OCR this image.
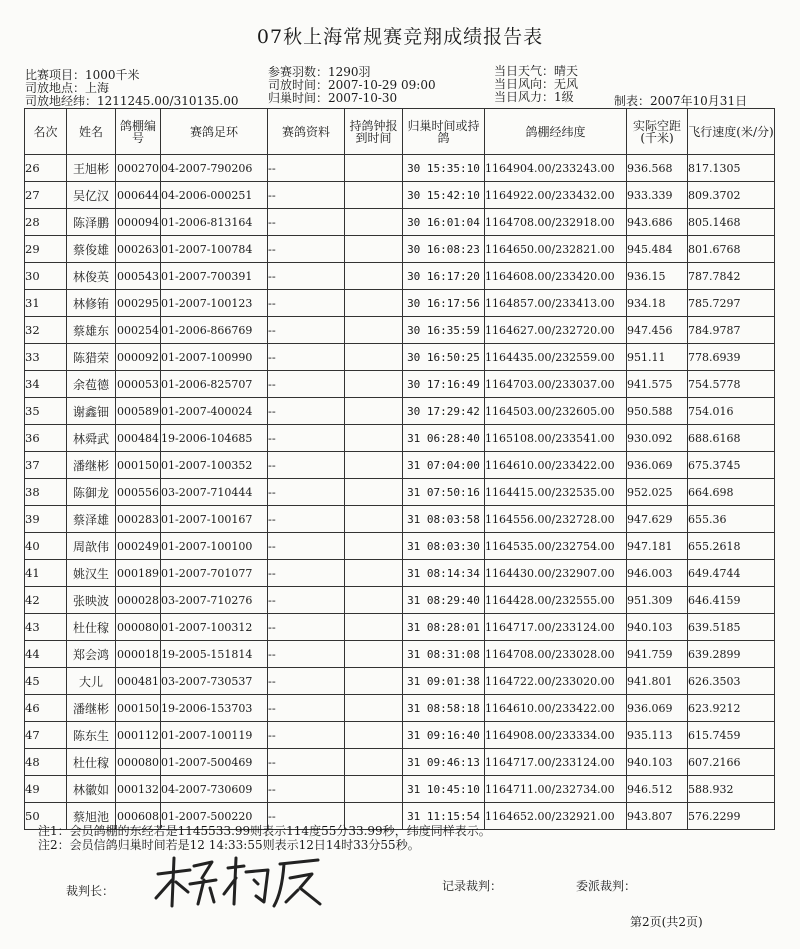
07秋上海常规赛竞翔成绩报告表
比赛项目：1000千米
司放地点：上海
司放地经纬：1211245.00/310135.00
参赛羽数：1290羽
司放时间：2007-10-29 09:00
归巢时间：2007-10-30
当日天气：晴天
当日风向：无风
当日风力：1级	制表：2007年10月31日
名次	姓名	鸽棚编号	赛鸽足环	赛鸽资料	持鸽钟报到时间	归巢时间或持鸽	鸽棚经纬度	实际空距(千米)	飞行速度(米/分)
26	王旭彬	000270	04-2007-790206	--		30 15:35:10	1164904.00/233243.00	936.568	817.1305
27	吴亿汉	000644	04-2006-000251	--		30 15:42:10	1164922.00/233432.00	933.339	809.3702
28	陈泽鹏	000094	01-2006-813164	--		30 16:01:04	1164708.00/232918.00	943.686	805.1468
29	蔡俊雄	000263	01-2007-100784	--		30 16:08:23	1164650.00/232821.00	945.484	801.6768
30	林俊英	000543	01-2007-700391	--		30 16:17:20	1164608.00/233420.00	936.15	787.7842
31	林修铕	000295	01-2007-100123	--		30 16:17:56	1164857.00/233413.00	934.18	785.7297
32	蔡雄东	000254	01-2006-866769	--		30 16:35:59	1164627.00/232720.00	947.456	784.9787
33	陈猎荣	000092	01-2007-100990	--		30 16:50:25	1164435.00/232559.00	951.11	778.6939
34	余苞德	000053	01-2006-825707	--		30 17:16:49	1164703.00/233037.00	941.575	754.5778
35	谢鑫钿	000589	01-2007-400024	--		30 17:29:42	1164503.00/232605.00	950.588	754.016
36	林舜武	000484	19-2006-104685	--		31 06:28:40	1165108.00/233541.00	930.092	688.6168
37	潘继彬	000150	01-2007-100352	--		31 07:04:00	1164610.00/233422.00	936.069	675.3745
38	陈御龙	000556	03-2007-710444	--		31 07:50:16	1164415.00/232535.00	952.025	664.698
39	蔡泽雄	000283	01-2007-100167	--		31 08:03:58	1164556.00/232728.00	947.629	655.36
40	周歆伟	000249	01-2007-100100	--		31 08:03:30	1164535.00/232754.00	947.181	655.2618
41	姚汉生	000189	01-2007-701077	--		31 08:14:34	1164430.00/232907.00	946.003	649.4744
42	张映波	000028	03-2007-710276	--		31 08:29:40	1164428.00/232555.00	951.309	646.4159
43	杜仕稼	000080	01-2007-100312	--		31 08:28:01	1164717.00/233124.00	940.103	639.5185
44	郑会鸿	000018	19-2005-151814	--		31 08:31:08	1164708.00/233028.00	941.759	639.2899
45	大儿	000481	03-2007-730537	--		31 09:01:38	1164722.00/233020.00	941.801	626.3503
46	潘继彬	000150	19-2006-153703	--		31 08:58:18	1164610.00/233422.00	936.069	623.9212
47	陈东生	000112	01-2007-100119	--		31 09:16:40	1164908.00/233334.00	935.113	615.7459
48	杜仕稼	000080	01-2007-500469	--		31 09:46:13	1164717.00/233124.00	940.103	607.2166
49	林徽如	000132	04-2007-730609	--		31 10:45:10	1164711.00/232734.00	946.512	588.932
50	蔡旭池	000608	01-2007-500220	--		31 11:15:54	1164652.00/232921.00	943.807	576.2299
注1：会员鸽棚的东经若是1145533.99则表示114度55分33.99秒，纬度同样表示。
注2：会员信鸽归巢时间若是12 14:33:55则表示12日14时33分55秒。
裁判长：	记录裁判：	委派裁判：
第2页(共2页)
